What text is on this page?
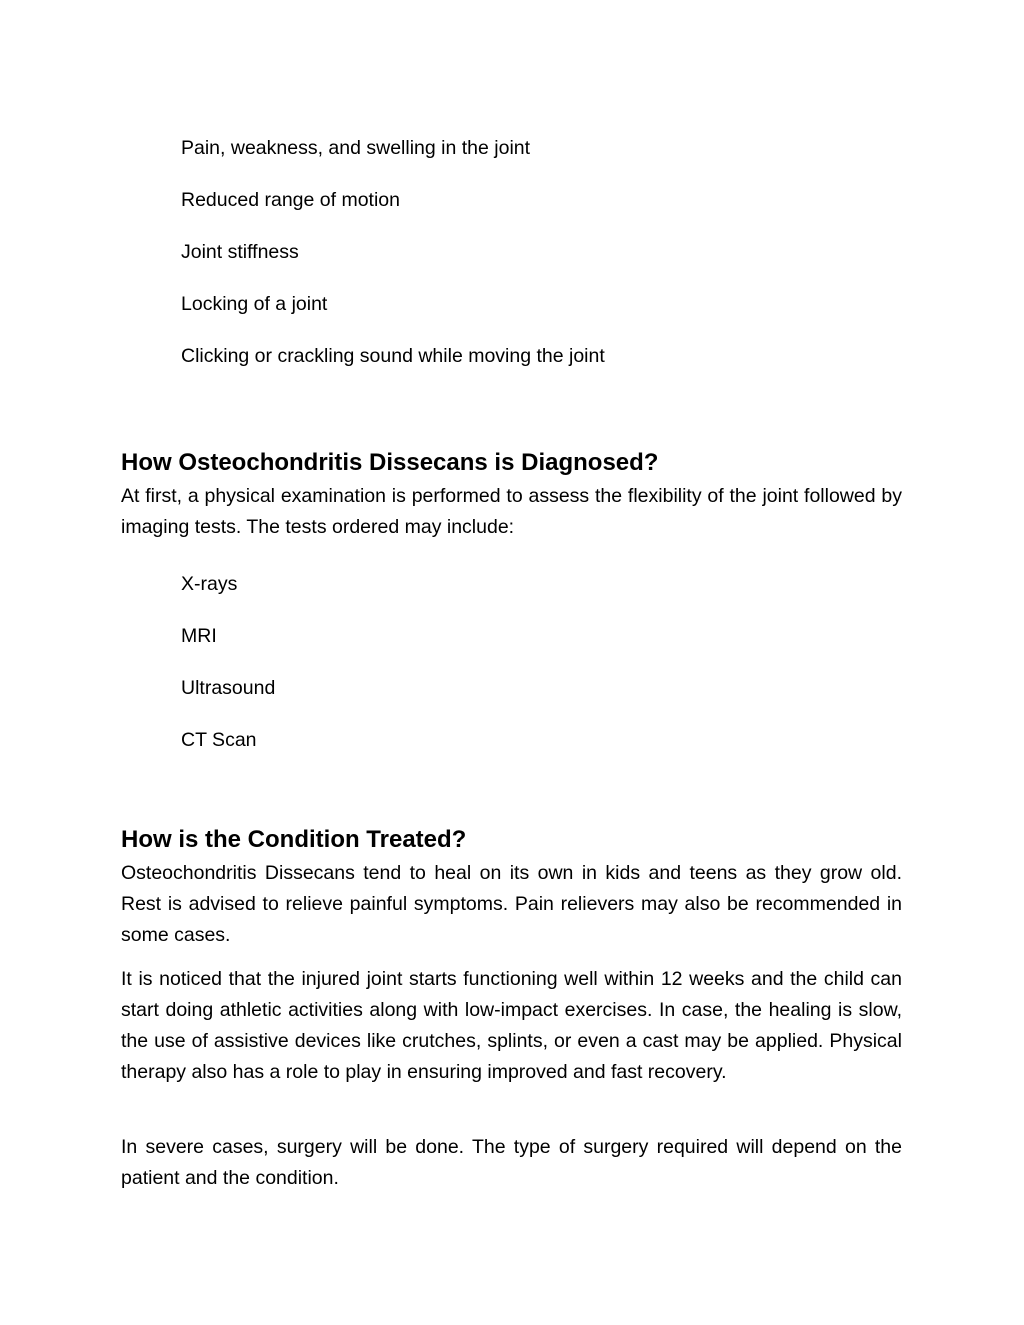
Pain, weakness, and swelling in the joint

Reduced range of motion

Joint stiffness

Locking of a joint

Clicking or crackling sound while moving the joint

How Osteochondritis Dissecans is Diagnosed?

At first, a physical examination is performed to assess the flexibility of the joint followed by imaging tests. The tests ordered may include:

X-rays

MRI

Ultrasound

CT Scan

How is the Condition Treated?

Osteochondritis Dissecans tend to heal on its own in kids and teens as they grow old. Rest is advised to relieve painful symptoms. Pain relievers may also be recommended in some cases.

It is noticed that the injured joint starts functioning well within 12 weeks and the child can start doing athletic activities along with low-impact exercises. In case, the healing is slow, the use of assistive devices like crutches, splints, or even a cast may be applied. Physical therapy also has a role to play in ensuring improved and fast recovery.

In severe cases, surgery will be done. The type of surgery required will depend on the patient and the condition.
